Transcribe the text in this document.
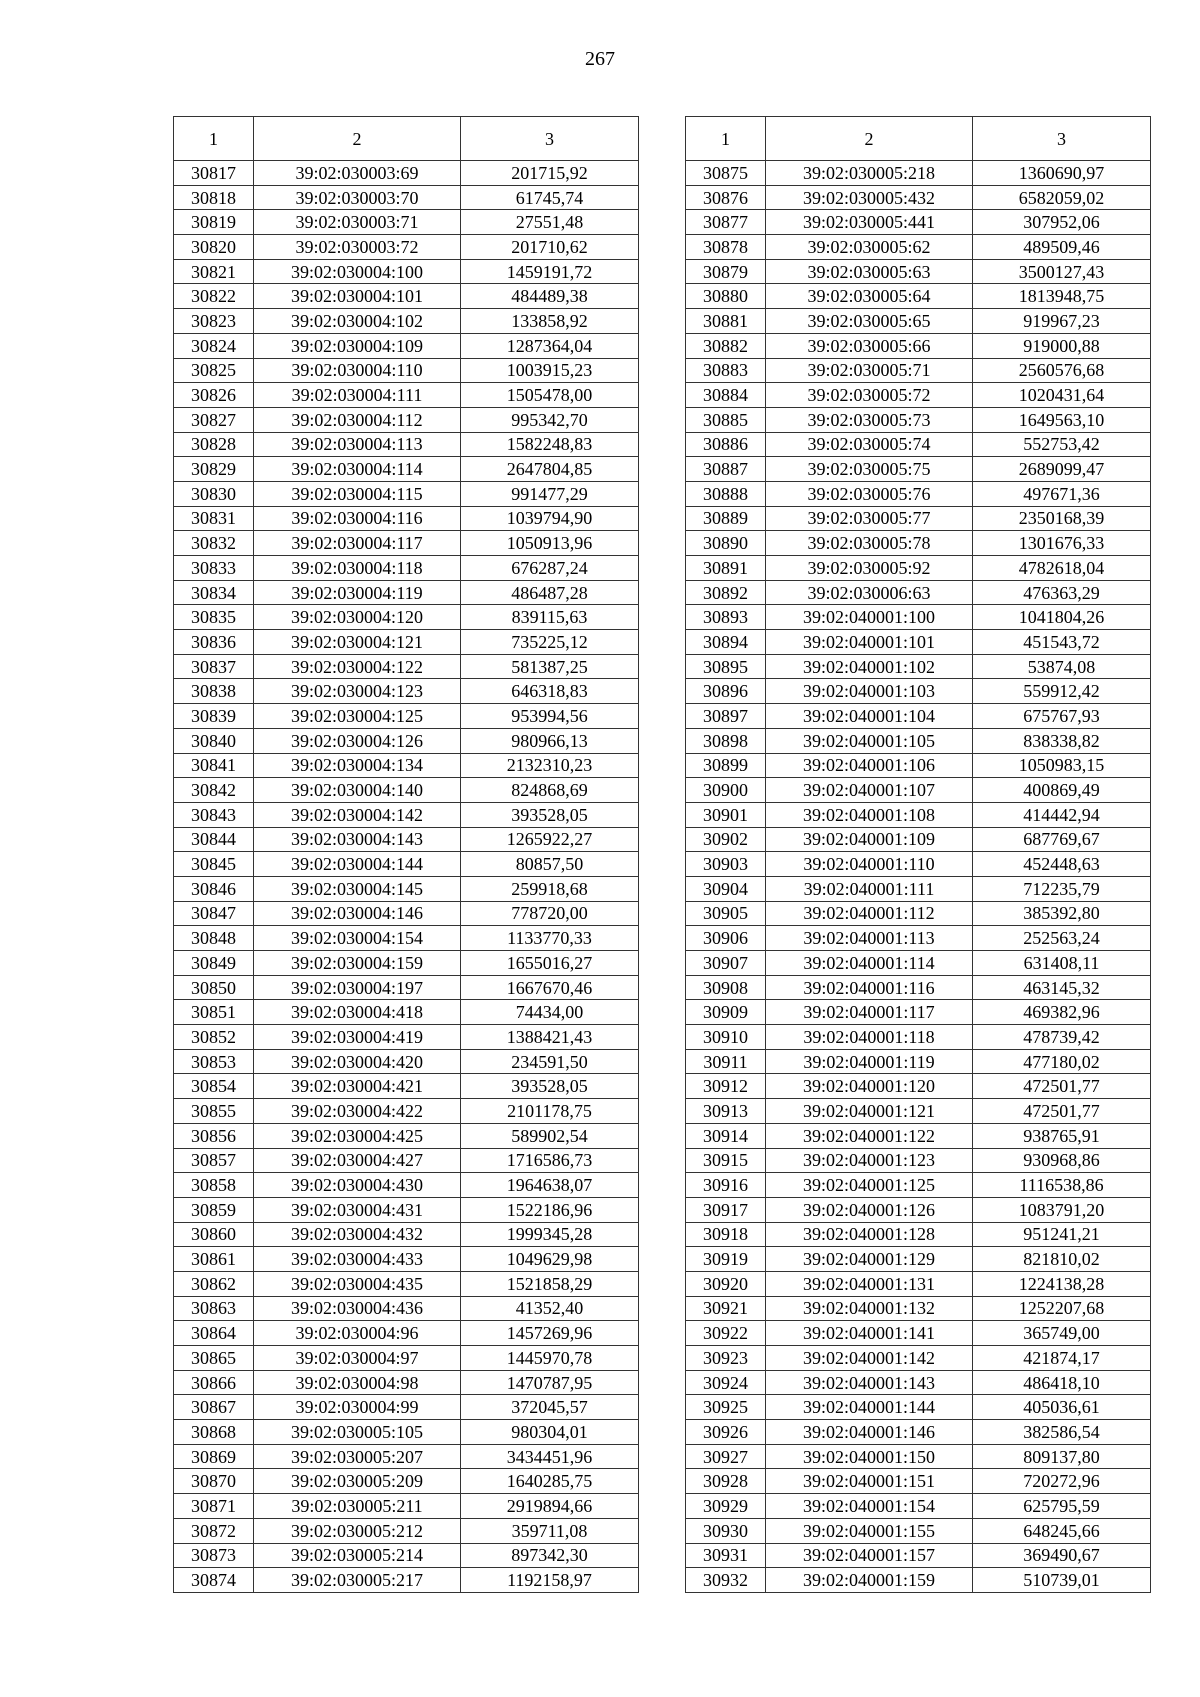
267
1	2	3
30817	39:02:030003:69	201715,92
30818	39:02:030003:70	61745,74
30819	39:02:030003:71	27551,48
30820	39:02:030003:72	201710,62
30821	39:02:030004:100	1459191,72
30822	39:02:030004:101	484489,38
30823	39:02:030004:102	133858,92
30824	39:02:030004:109	1287364,04
30825	39:02:030004:110	1003915,23
30826	39:02:030004:111	1505478,00
30827	39:02:030004:112	995342,70
30828	39:02:030004:113	1582248,83
30829	39:02:030004:114	2647804,85
30830	39:02:030004:115	991477,29
30831	39:02:030004:116	1039794,90
30832	39:02:030004:117	1050913,96
30833	39:02:030004:118	676287,24
30834	39:02:030004:119	486487,28
30835	39:02:030004:120	839115,63
30836	39:02:030004:121	735225,12
30837	39:02:030004:122	581387,25
30838	39:02:030004:123	646318,83
30839	39:02:030004:125	953994,56
30840	39:02:030004:126	980966,13
30841	39:02:030004:134	2132310,23
30842	39:02:030004:140	824868,69
30843	39:02:030004:142	393528,05
30844	39:02:030004:143	1265922,27
30845	39:02:030004:144	80857,50
30846	39:02:030004:145	259918,68
30847	39:02:030004:146	778720,00
30848	39:02:030004:154	1133770,33
30849	39:02:030004:159	1655016,27
30850	39:02:030004:197	1667670,46
30851	39:02:030004:418	74434,00
30852	39:02:030004:419	1388421,43
30853	39:02:030004:420	234591,50
30854	39:02:030004:421	393528,05
30855	39:02:030004:422	2101178,75
30856	39:02:030004:425	589902,54
30857	39:02:030004:427	1716586,73
30858	39:02:030004:430	1964638,07
30859	39:02:030004:431	1522186,96
30860	39:02:030004:432	1999345,28
30861	39:02:030004:433	1049629,98
30862	39:02:030004:435	1521858,29
30863	39:02:030004:436	41352,40
30864	39:02:030004:96	1457269,96
30865	39:02:030004:97	1445970,78
30866	39:02:030004:98	1470787,95
30867	39:02:030004:99	372045,57
30868	39:02:030005:105	980304,01
30869	39:02:030005:207	3434451,96
30870	39:02:030005:209	1640285,75
30871	39:02:030005:211	2919894,66
30872	39:02:030005:212	359711,08
30873	39:02:030005:214	897342,30
30874	39:02:030005:217	1192158,97
1	2	3
30875	39:02:030005:218	1360690,97
30876	39:02:030005:432	6582059,02
30877	39:02:030005:441	307952,06
30878	39:02:030005:62	489509,46
30879	39:02:030005:63	3500127,43
30880	39:02:030005:64	1813948,75
30881	39:02:030005:65	919967,23
30882	39:02:030005:66	919000,88
30883	39:02:030005:71	2560576,68
30884	39:02:030005:72	1020431,64
30885	39:02:030005:73	1649563,10
30886	39:02:030005:74	552753,42
30887	39:02:030005:75	2689099,47
30888	39:02:030005:76	497671,36
30889	39:02:030005:77	2350168,39
30890	39:02:030005:78	1301676,33
30891	39:02:030005:92	4782618,04
30892	39:02:030006:63	476363,29
30893	39:02:040001:100	1041804,26
30894	39:02:040001:101	451543,72
30895	39:02:040001:102	53874,08
30896	39:02:040001:103	559912,42
30897	39:02:040001:104	675767,93
30898	39:02:040001:105	838338,82
30899	39:02:040001:106	1050983,15
30900	39:02:040001:107	400869,49
30901	39:02:040001:108	414442,94
30902	39:02:040001:109	687769,67
30903	39:02:040001:110	452448,63
30904	39:02:040001:111	712235,79
30905	39:02:040001:112	385392,80
30906	39:02:040001:113	252563,24
30907	39:02:040001:114	631408,11
30908	39:02:040001:116	463145,32
30909	39:02:040001:117	469382,96
30910	39:02:040001:118	478739,42
30911	39:02:040001:119	477180,02
30912	39:02:040001:120	472501,77
30913	39:02:040001:121	472501,77
30914	39:02:040001:122	938765,91
30915	39:02:040001:123	930968,86
30916	39:02:040001:125	1116538,86
30917	39:02:040001:126	1083791,20
30918	39:02:040001:128	951241,21
30919	39:02:040001:129	821810,02
30920	39:02:040001:131	1224138,28
30921	39:02:040001:132	1252207,68
30922	39:02:040001:141	365749,00
30923	39:02:040001:142	421874,17
30924	39:02:040001:143	486418,10
30925	39:02:040001:144	405036,61
30926	39:02:040001:146	382586,54
30927	39:02:040001:150	809137,80
30928	39:02:040001:151	720272,96
30929	39:02:040001:154	625795,59
30930	39:02:040001:155	648245,66
30931	39:02:040001:157	369490,67
30932	39:02:040001:159	510739,01
